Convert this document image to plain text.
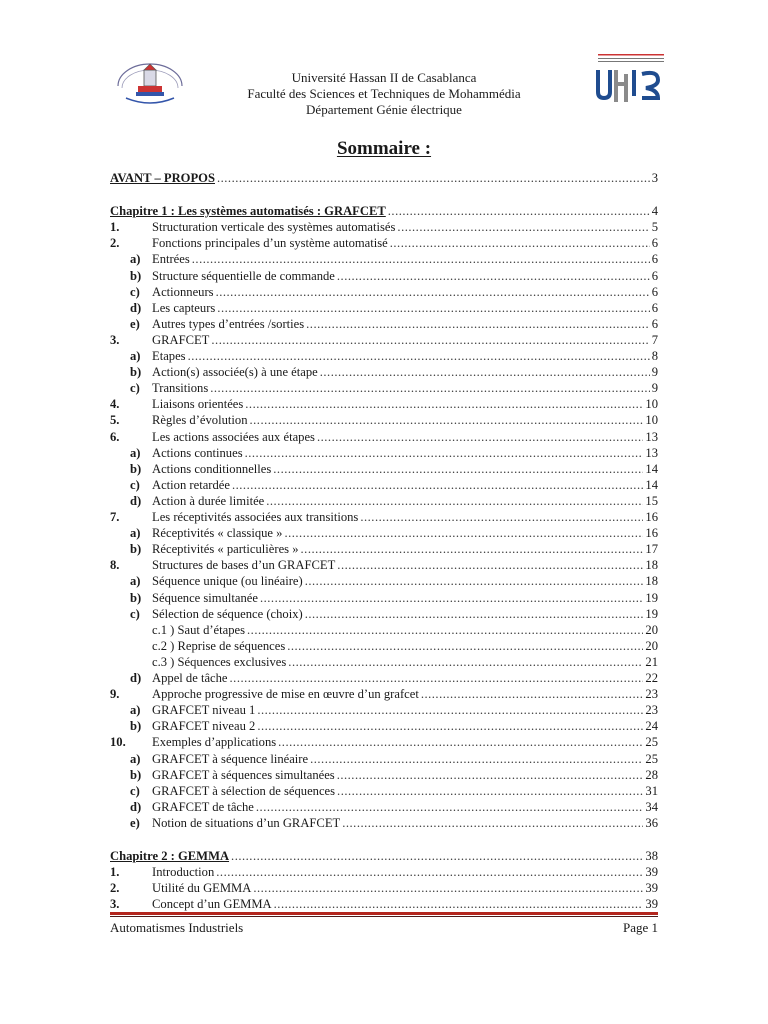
Université Hassan II de Casablanca
Faculté des Sciences et Techniques de Mohammédia
Département Génie électrique
Sommaire :
AVANT – PROPOS .....	3
Chapitre 1 : Les systèmes automatisés : GRAFCET .....	4
1.	Structuration verticale des systèmes automatisés .....	5
2.	Fonctions principales d’un système automatisé .....	6
a) Entrées .....	6
b) Structure séquentielle de commande .....	6
c) Actionneurs .....	6
d) Les capteurs .....	6
e) Autres types d’entrées /sorties .....	6
3.	GRAFCET .....	7
a) Etapes .....	8
b) Action(s) associée(s) à une étape .....	9
c) Transitions .....	9
4.	Liaisons orientées .....	10
5.	Règles d’évolution .....	10
6.	Les actions associées aux étapes .....	13
a) Actions continues .....	13
b) Actions conditionnelles .....	14
c) Action retardée .....	14
d) Action à durée limitée .....	15
7.	Les réceptivités associées aux transitions .....	16
a) Réceptivités « classique » .....	16
b) Réceptivités « particulières » .....	17
8.	Structures de bases d’un GRAFCET .....	18
a) Séquence unique (ou linéaire) .....	18
b) Séquence simultanée .....	19
c) Sélection de séquence (choix) .....	19
c.1 ) Saut d’étapes .....	20
c.2 ) Reprise de séquences .....	20
c.3 ) Séquences exclusives .....	21
d) Appel de tâche .....	22
9.	Approche progressive de mise en œuvre d’un grafcet .....	23
a) GRAFCET niveau 1 .....	23
b) GRAFCET niveau 2 .....	24
10. Exemples d’applications .....	25
a) GRAFCET à séquence linéaire .....	25
b) GRAFCET à séquences simultanées .....	28
c) GRAFCET à sélection de séquences .....	31
d) GRAFCET de tâche .....	34
e) Notion de situations d’un GRAFCET .....	36
Chapitre 2 : GEMMA .....	38
1.	Introduction .....	39
2.	Utilité du GEMMA .....	39
3.	Concept d’un GEMMA .....	39
Automatismes Industriels	Page 1
